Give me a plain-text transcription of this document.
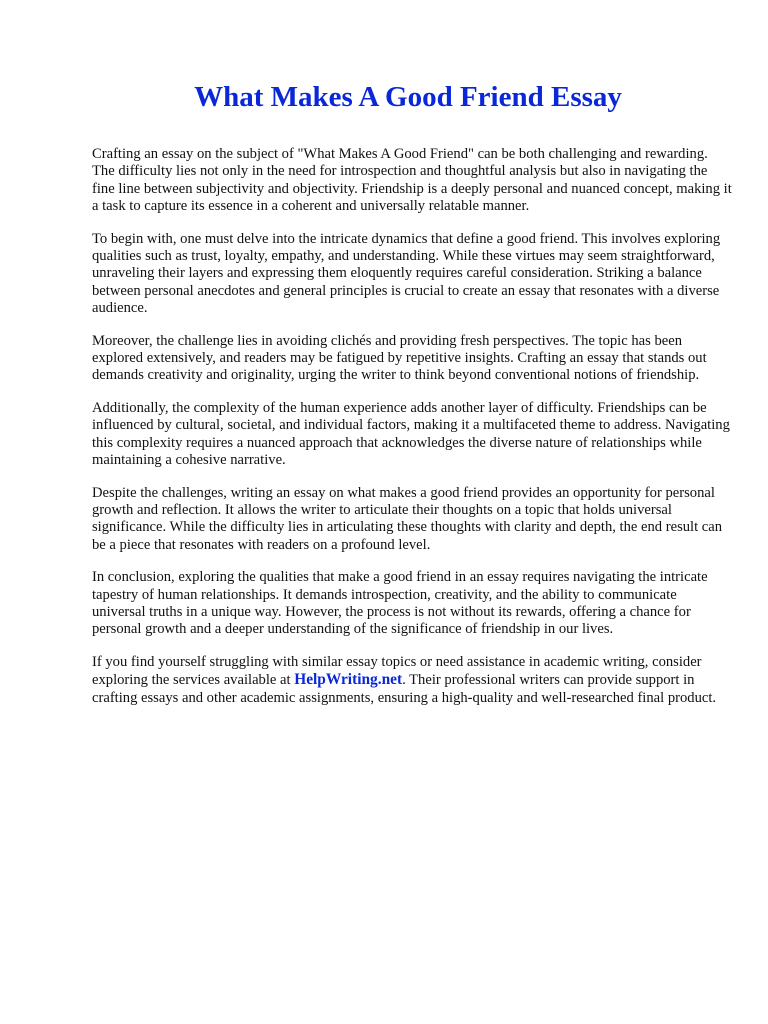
What Makes A Good Friend Essay

Crafting an essay on the subject of "What Makes A Good Friend" can be both challenging and rewarding. The difficulty lies not only in the need for introspection and thoughtful analysis but also in navigating the fine line between subjectivity and objectivity. Friendship is a deeply personal and nuanced concept, making it a task to capture its essence in a coherent and universally relatable manner.

To begin with, one must delve into the intricate dynamics that define a good friend. This involves exploring qualities such as trust, loyalty, empathy, and understanding. While these virtues may seem straightforward, unraveling their layers and expressing them eloquently requires careful consideration. Striking a balance between personal anecdotes and general principles is crucial to create an essay that resonates with a diverse audience.

Moreover, the challenge lies in avoiding clichés and providing fresh perspectives. The topic has been explored extensively, and readers may be fatigued by repetitive insights. Crafting an essay that stands out demands creativity and originality, urging the writer to think beyond conventional notions of friendship.

Additionally, the complexity of the human experience adds another layer of difficulty. Friendships can be influenced by cultural, societal, and individual factors, making it a multifaceted theme to address. Navigating this complexity requires a nuanced approach that acknowledges the diverse nature of relationships while maintaining a cohesive narrative.

Despite the challenges, writing an essay on what makes a good friend provides an opportunity for personal growth and reflection. It allows the writer to articulate their thoughts on a topic that holds universal significance. While the difficulty lies in articulating these thoughts with clarity and depth, the end result can be a piece that resonates with readers on a profound level.

In conclusion, exploring the qualities that make a good friend in an essay requires navigating the intricate tapestry of human relationships. It demands introspection, creativity, and the ability to communicate universal truths in a unique way. However, the process is not without its rewards, offering a chance for personal growth and a deeper understanding of the significance of friendship in our lives.

If you find yourself struggling with similar essay topics or need assistance in academic writing, consider exploring the services available at HelpWriting.net. Their professional writers can provide support in crafting essays and other academic assignments, ensuring a high-quality and well-researched final product.
